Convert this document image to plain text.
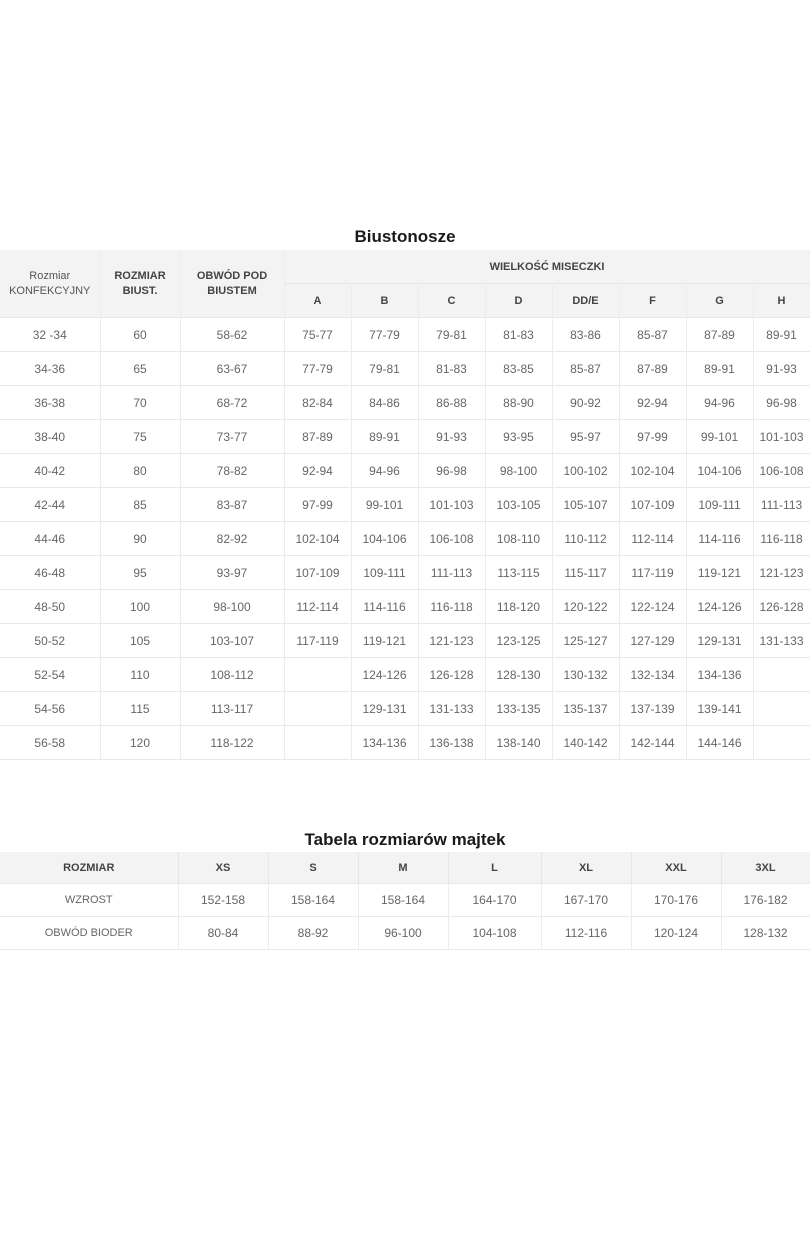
Biustonosze
Rozmiar KONFEKCYJNY	ROZMIAR BIUST.	OBWÓD POD BIUSTEM	WIELKOŚĆ MISECZKI							
			A	B	C	D	DD/E	F	G	H
32 -34	60	58-62	75-77	77-79	79-81	81-83	83-86	85-87	87-89	89-91
34-36	65	63-67	77-79	79-81	81-83	83-85	85-87	87-89	89-91	91-93
36-38	70	68-72	82-84	84-86	86-88	88-90	90-92	92-94	94-96	96-98
38-40	75	73-77	87-89	89-91	91-93	93-95	95-97	97-99	99-101	101-103
40-42	80	78-82	92-94	94-96	96-98	98-100	100-102	102-104	104-106	106-108
42-44	85	83-87	97-99	99-101	101-103	103-105	105-107	107-109	109-111	111-113
44-46	90	82-92	102-104	104-106	106-108	108-110	110-112	112-114	114-116	116-118
46-48	95	93-97	107-109	109-111	111-113	113-115	115-117	117-119	119-121	121-123
48-50	100	98-100	112-114	114-116	116-118	118-120	120-122	122-124	124-126	126-128
50-52	105	103-107	117-119	119-121	121-123	123-125	125-127	127-129	129-131	131-133
52-54	110	108-112		124-126	126-128	128-130	130-132	132-134	134-136	
54-56	115	113-117		129-131	131-133	133-135	135-137	137-139	139-141	
56-58	120	118-122		134-136	136-138	138-140	140-142	142-144	144-146	
Tabela rozmiarów majtek
ROZMIAR	XS	S	M	L	XL	XXL	3XL
WZROST	152-158	158-164	158-164	164-170	167-170	170-176	176-182
OBWÓD BIODER	80-84	88-92	96-100	104-108	112-116	120-124	128-132
